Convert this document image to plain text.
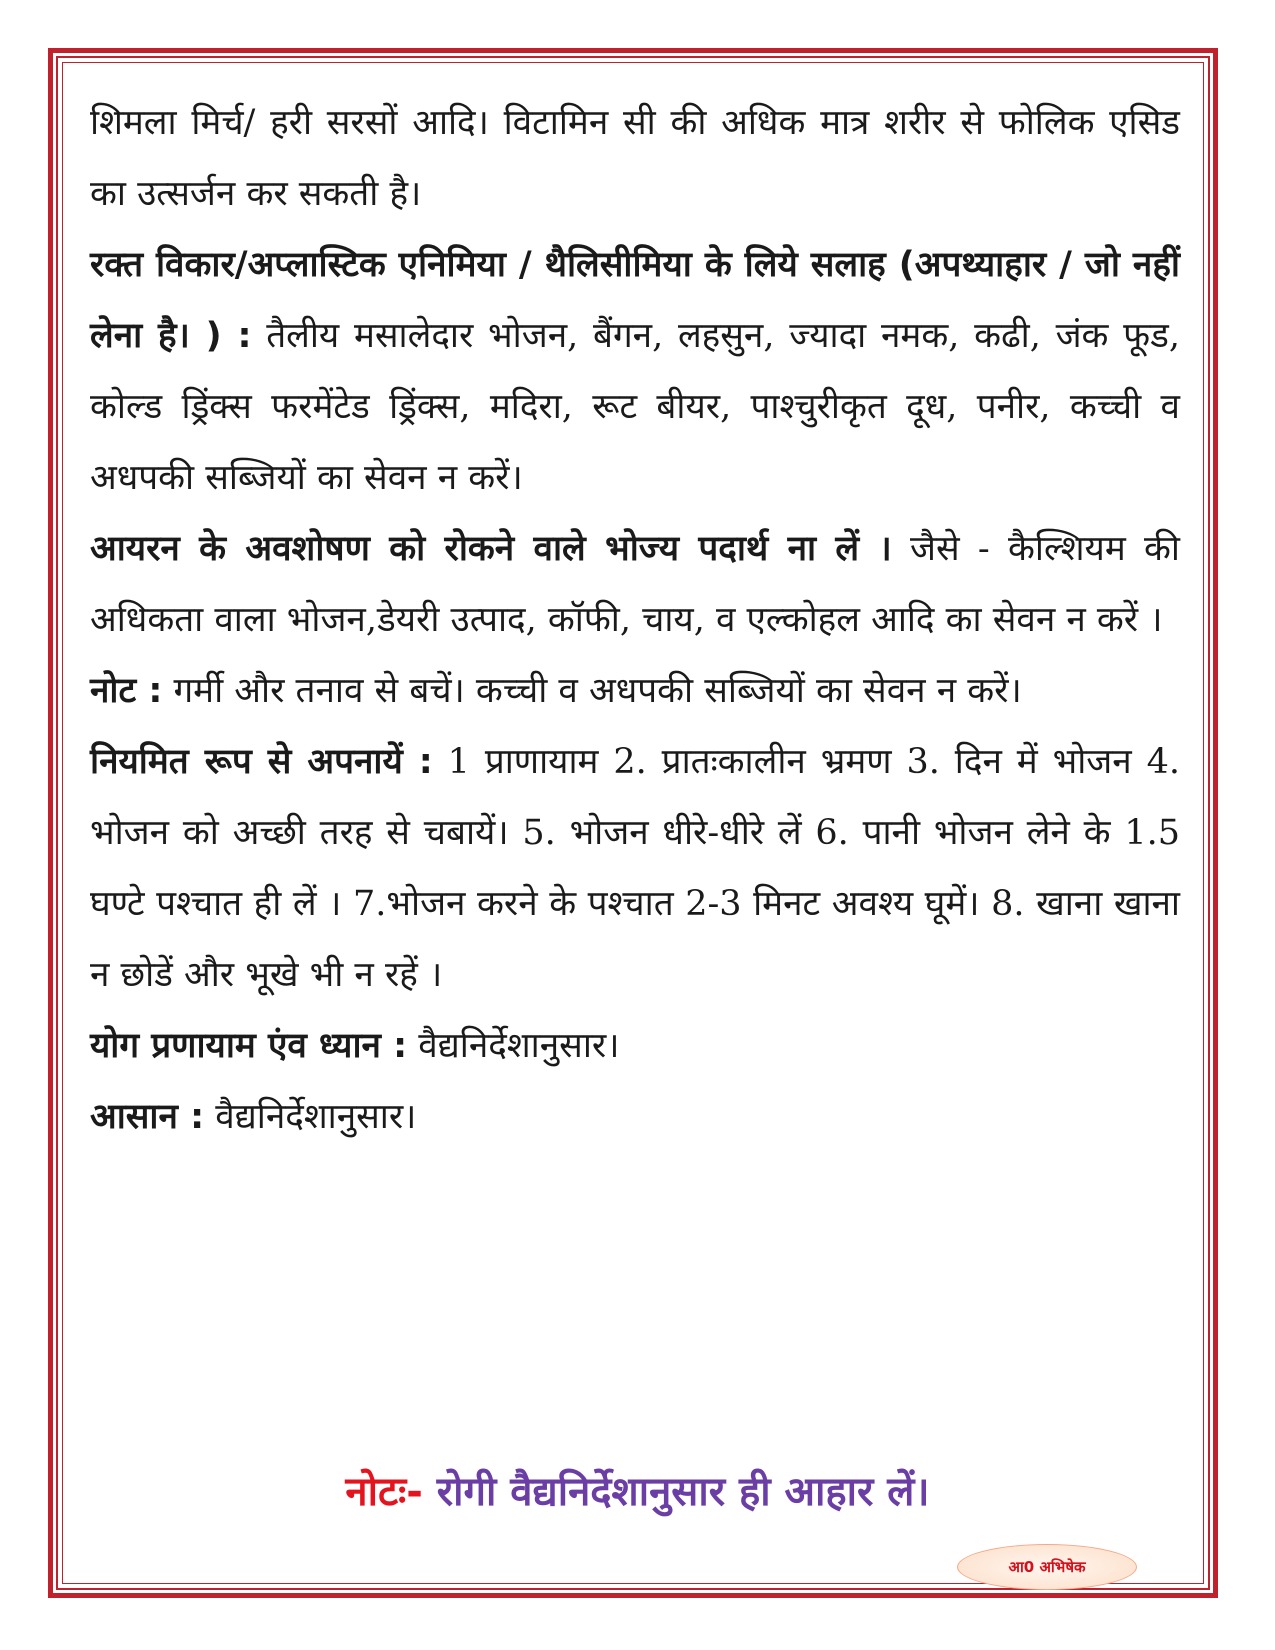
शिमला मिर्च/ हरी सरसों आदि। विटामिन सी की अधिक मात्र शरीर से फोलिक एसिड का उत्सर्जन कर सकती है।

रक्त विकार/अप्लास्टिक एनिमिया / थैलिसीमिया के लिये सलाह (अपथ्याहार / जो नहीं लेना है। ) : तैलीय मसालेदार भोजन, बैंगन, लहसुन, ज्यादा नमक, कढी, जंक फूड, कोल्ड ड्रिंक्स फरमेंटेड ड्रिंक्स, मदिरा, रूट बीयर, पाश्चुरीकृत दूध, पनीर, कच्ची व अधपकी सब्जियों का सेवन न करें।

आयरन के अवशोषण को रोकने वाले भोज्य पदार्थ ना लें । जैसे - कैल्शियम की अधिकता वाला भोजन,डेयरी उत्पाद, कॉफी, चाय, व एल्कोहल आदि का सेवन न करें ।

नोट : गर्मी और तनाव से बचें। कच्ची व अधपकी सब्जियों का सेवन न करें।

नियमित रूप से अपनायें : 1 प्राणायाम 2. प्रातःकालीन भ्रमण 3. दिन में भोजन 4. भोजन को अच्छी तरह से चबायें। 5. भोजन धीरे-धीरे लें 6. पानी भोजन लेने के 1.5 घण्टे पश्चात ही लें । 7.भोजन करने के पश्चात 2-3 मिनट अवश्य घूमें। 8. खाना खाना न छोडें और भूखे भी न रहें ।

योग प्रणायाम एंव ध्यान : वैद्यनिर्देशानुसार।

आसान : वैद्यनिर्देशानुसार।

नोटः- रोगी वैद्यनिर्देशानुसार ही आहार लें।
आ0 अभिषेक
